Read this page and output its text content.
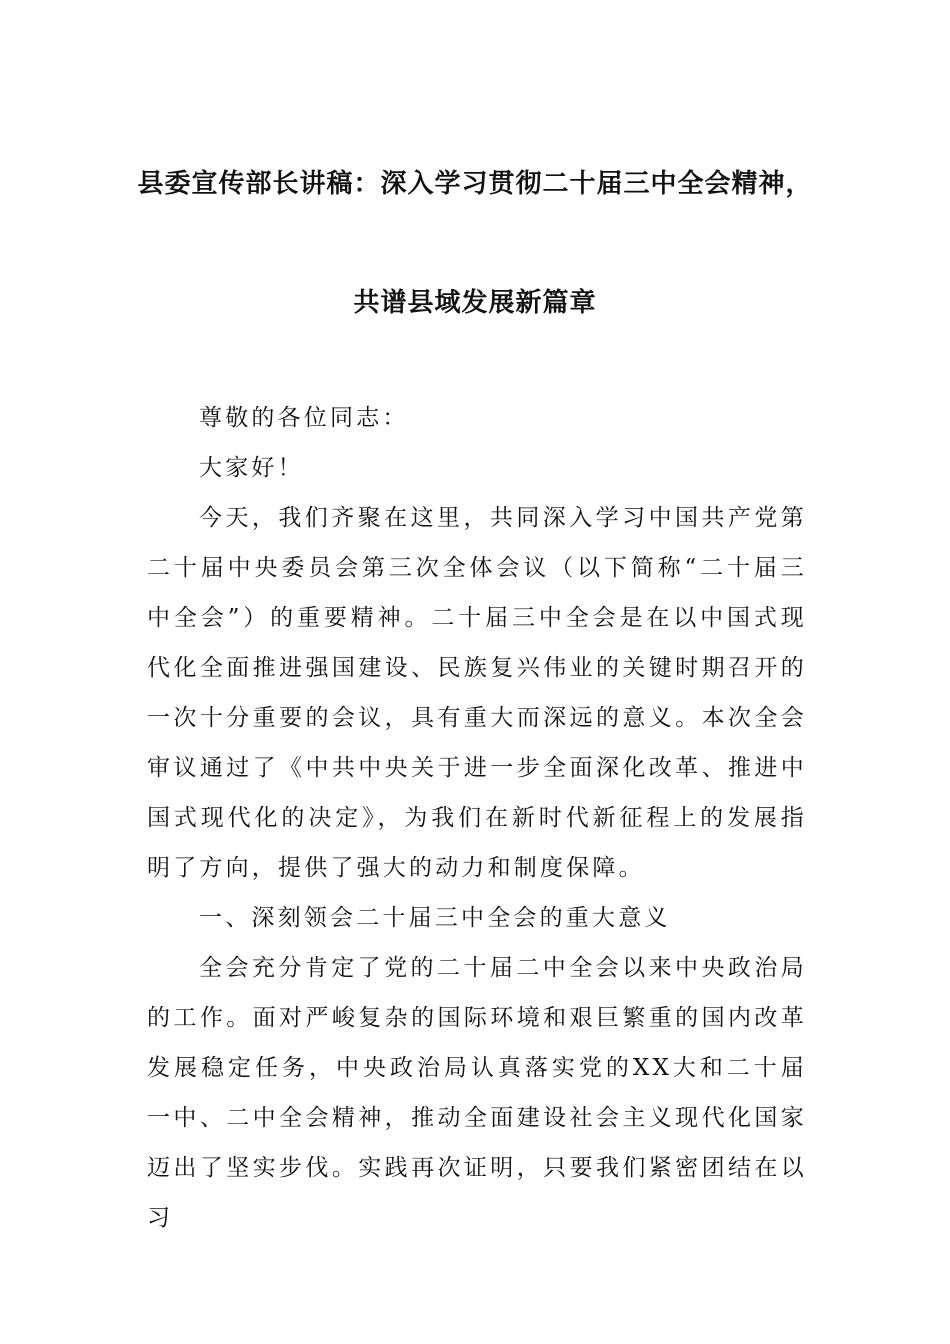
县委宣传部长讲稿：深入学习贯彻二十届三中全会精神，
共谱县域发展新篇章

尊敬的各位同志：

大家好！

今天，我们齐聚在这里，共同深入学习中国共产党第二十届中央委员会第三次全体会议（以下简称“二十届三中全会”）的重要精神。二十届三中全会是在以中国式现代化全面推进强国建设、民族复兴伟业的关键时期召开的一次十分重要的会议，具有重大而深远的意义。本次全会审议通过了《中共中央关于进一步全面深化改革、推进中国式现代化的决定》，为我们在新时代新征程上的发展指明了方向，提供了强大的动力和制度保障。

一、深刻领会二十届三中全会的重大意义

全会充分肯定了党的二十届二中全会以来中央政治局的工作。面对严峻复杂的国际环境和艰巨繁重的国内改革发展稳定任务，中央政治局认真落实党的XX大和二十届一中、二中全会精神，推动全面建设社会主义现代化国家迈出了坚实步伐。实践再次证明，只要我们紧密团结在以习
